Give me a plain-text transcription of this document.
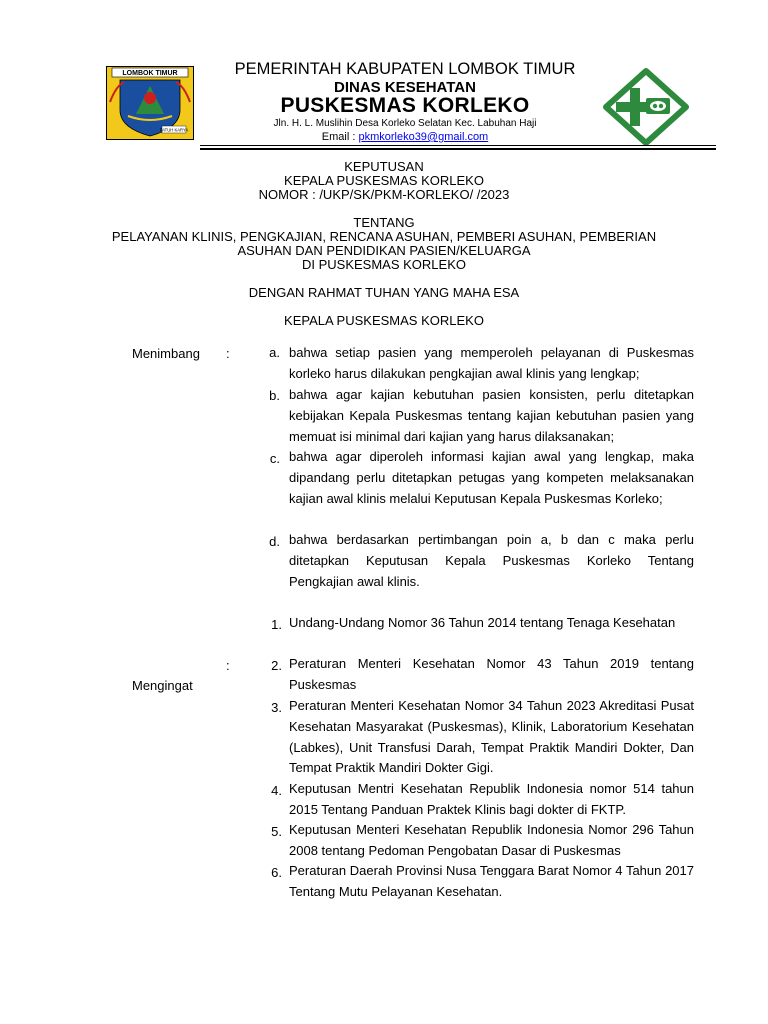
LOMBOK TIMUR
PATUH KARYA
PEMERINTAH KABUPATEN LOMBOK TIMUR
DINAS KESEHATAN
PUSKESMAS KORLEKO
Jln. H. L. Muslihin Desa Korleko Selatan Kec. Labuhan Haji
Email : pkmkorleko39@gmail.com
KEPUTUSAN
KEPALA PUSKESMAS KORLEKO
NOMOR : /UKP/SK/PKM-KORLEKO/ /2023
TENTANG
PELAYANAN KLINIS, PENGKAJIAN, RENCANA ASUHAN, PEMBERI ASUHAN, PEMBERIAN
ASUHAN DAN PENDIDIKAN PASIEN/KELUARGA
DI PUSKESMAS KORLEKO
DENGAN RAHMAT TUHAN YANG MAHA ESA
KEPALA PUSKESMAS KORLEKO
Menimbang :	a. bahwa setiap pasien yang memperoleh pelayanan di Puskesmas korleko harus dilakukan pengkajian awal klinis yang lengkap;
b. bahwa agar kajian kebutuhan pasien konsisten, perlu ditetapkan kebijakan Kepala Puskesmas tentang kajian kebutuhan pasien yang memuat isi minimal dari kajian yang harus dilaksanakan;
c. bahwa agar diperoleh informasi kajian awal yang lengkap, maka dipandang perlu ditetapkan petugas yang kompeten melaksanakan kajian awal klinis melalui Keputusan Kepala Puskesmas Korleko;
d. bahwa berdasarkan pertimbangan poin a, b dan c maka perlu ditetapkan Keputusan Kepala Puskesmas Korleko Tentang Pengkajian awal klinis.
:
Mengingat
1. Undang-Undang Nomor 36 Tahun 2014 tentang Tenaga Kesehatan
2. Peraturan Menteri Kesehatan Nomor 43 Tahun 2019 tentang Puskesmas
3. Peraturan Menteri Kesehatan Nomor 34 Tahun 2023 Akreditasi Pusat Kesehatan Masyarakat (Puskesmas), Klinik, Laboratorium Kesehatan (Labkes), Unit Transfusi Darah, Tempat Praktik Mandiri Dokter, Dan Tempat Praktik Mandiri Dokter Gigi.
4. Keputusan Mentri Kesehatan Republik Indonesia nomor 514 tahun 2015 Tentang Panduan Praktek Klinis bagi dokter di FKTP.
5. Keputusan Menteri Kesehatan Republik Indonesia Nomor 296 Tahun 2008 tentang Pedoman Pengobatan Dasar di Puskesmas
6. Peraturan Daerah Provinsi Nusa Tenggara Barat Nomor 4 Tahun 2017 Tentang Mutu Pelayanan Kesehatan.
